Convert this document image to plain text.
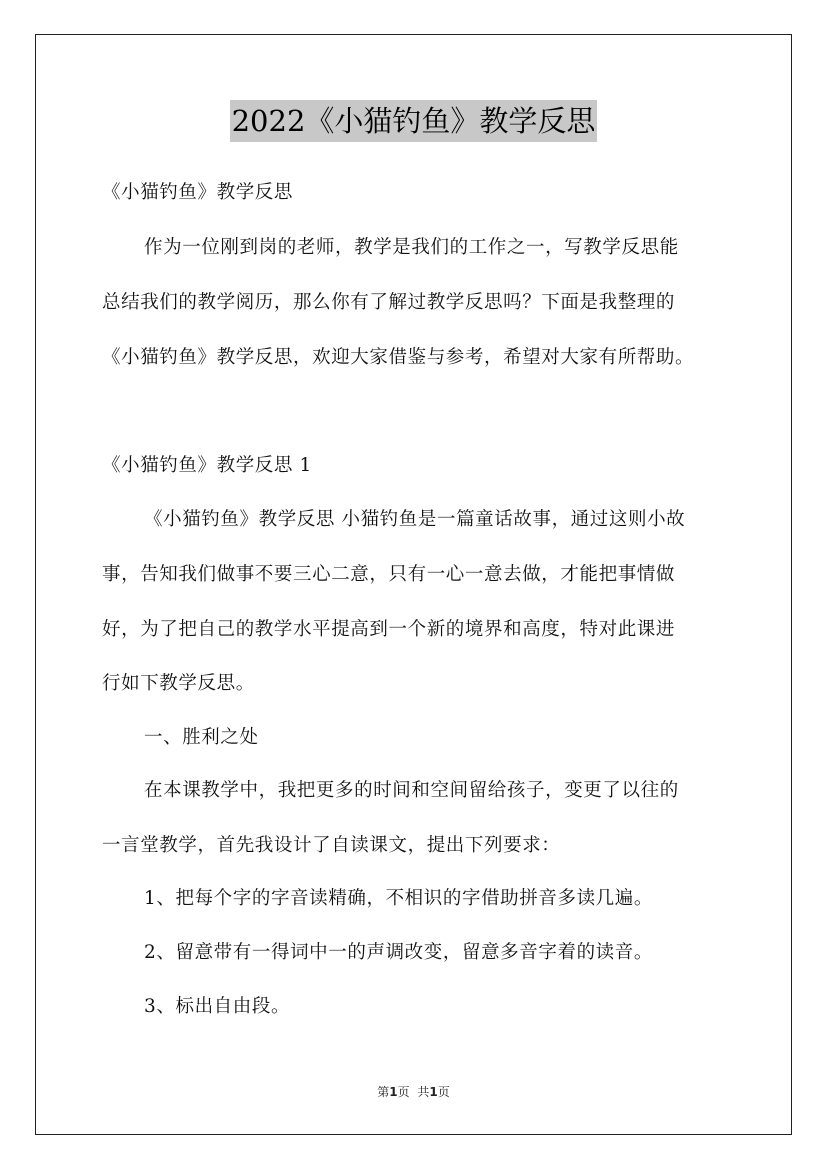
2022《小猫钓鱼》教学反思
《小猫钓鱼》教学反思
作为一位刚到岗的老师，教学是我们的工作之一，写教学反思能
总结我们的教学阅历，那么你有了解过教学反思吗？下面是我整理的
《小猫钓鱼》教学反思，欢迎大家借鉴与参考，希望对大家有所帮助。
《小猫钓鱼》教学反思 1
《小猫钓鱼》教学反思 小猫钓鱼是一篇童话故事，通过这则小故
事，告知我们做事不要三心二意，只有一心一意去做，才能把事情做
好，为了把自己的教学水平提高到一个新的境界和高度，特对此课进
行如下教学反思。
一、胜利之处
在本课教学中，我把更多的时间和空间留给孩子，变更了以往的
一言堂教学，首先我设计了自读课文，提出下列要求：
1、把每个字的字音读精确，不相识的字借助拼音多读几遍。
2、留意带有一得词中一的声调改变，留意多音字着的读音。
3、标出自由段。
第1页 共1页
